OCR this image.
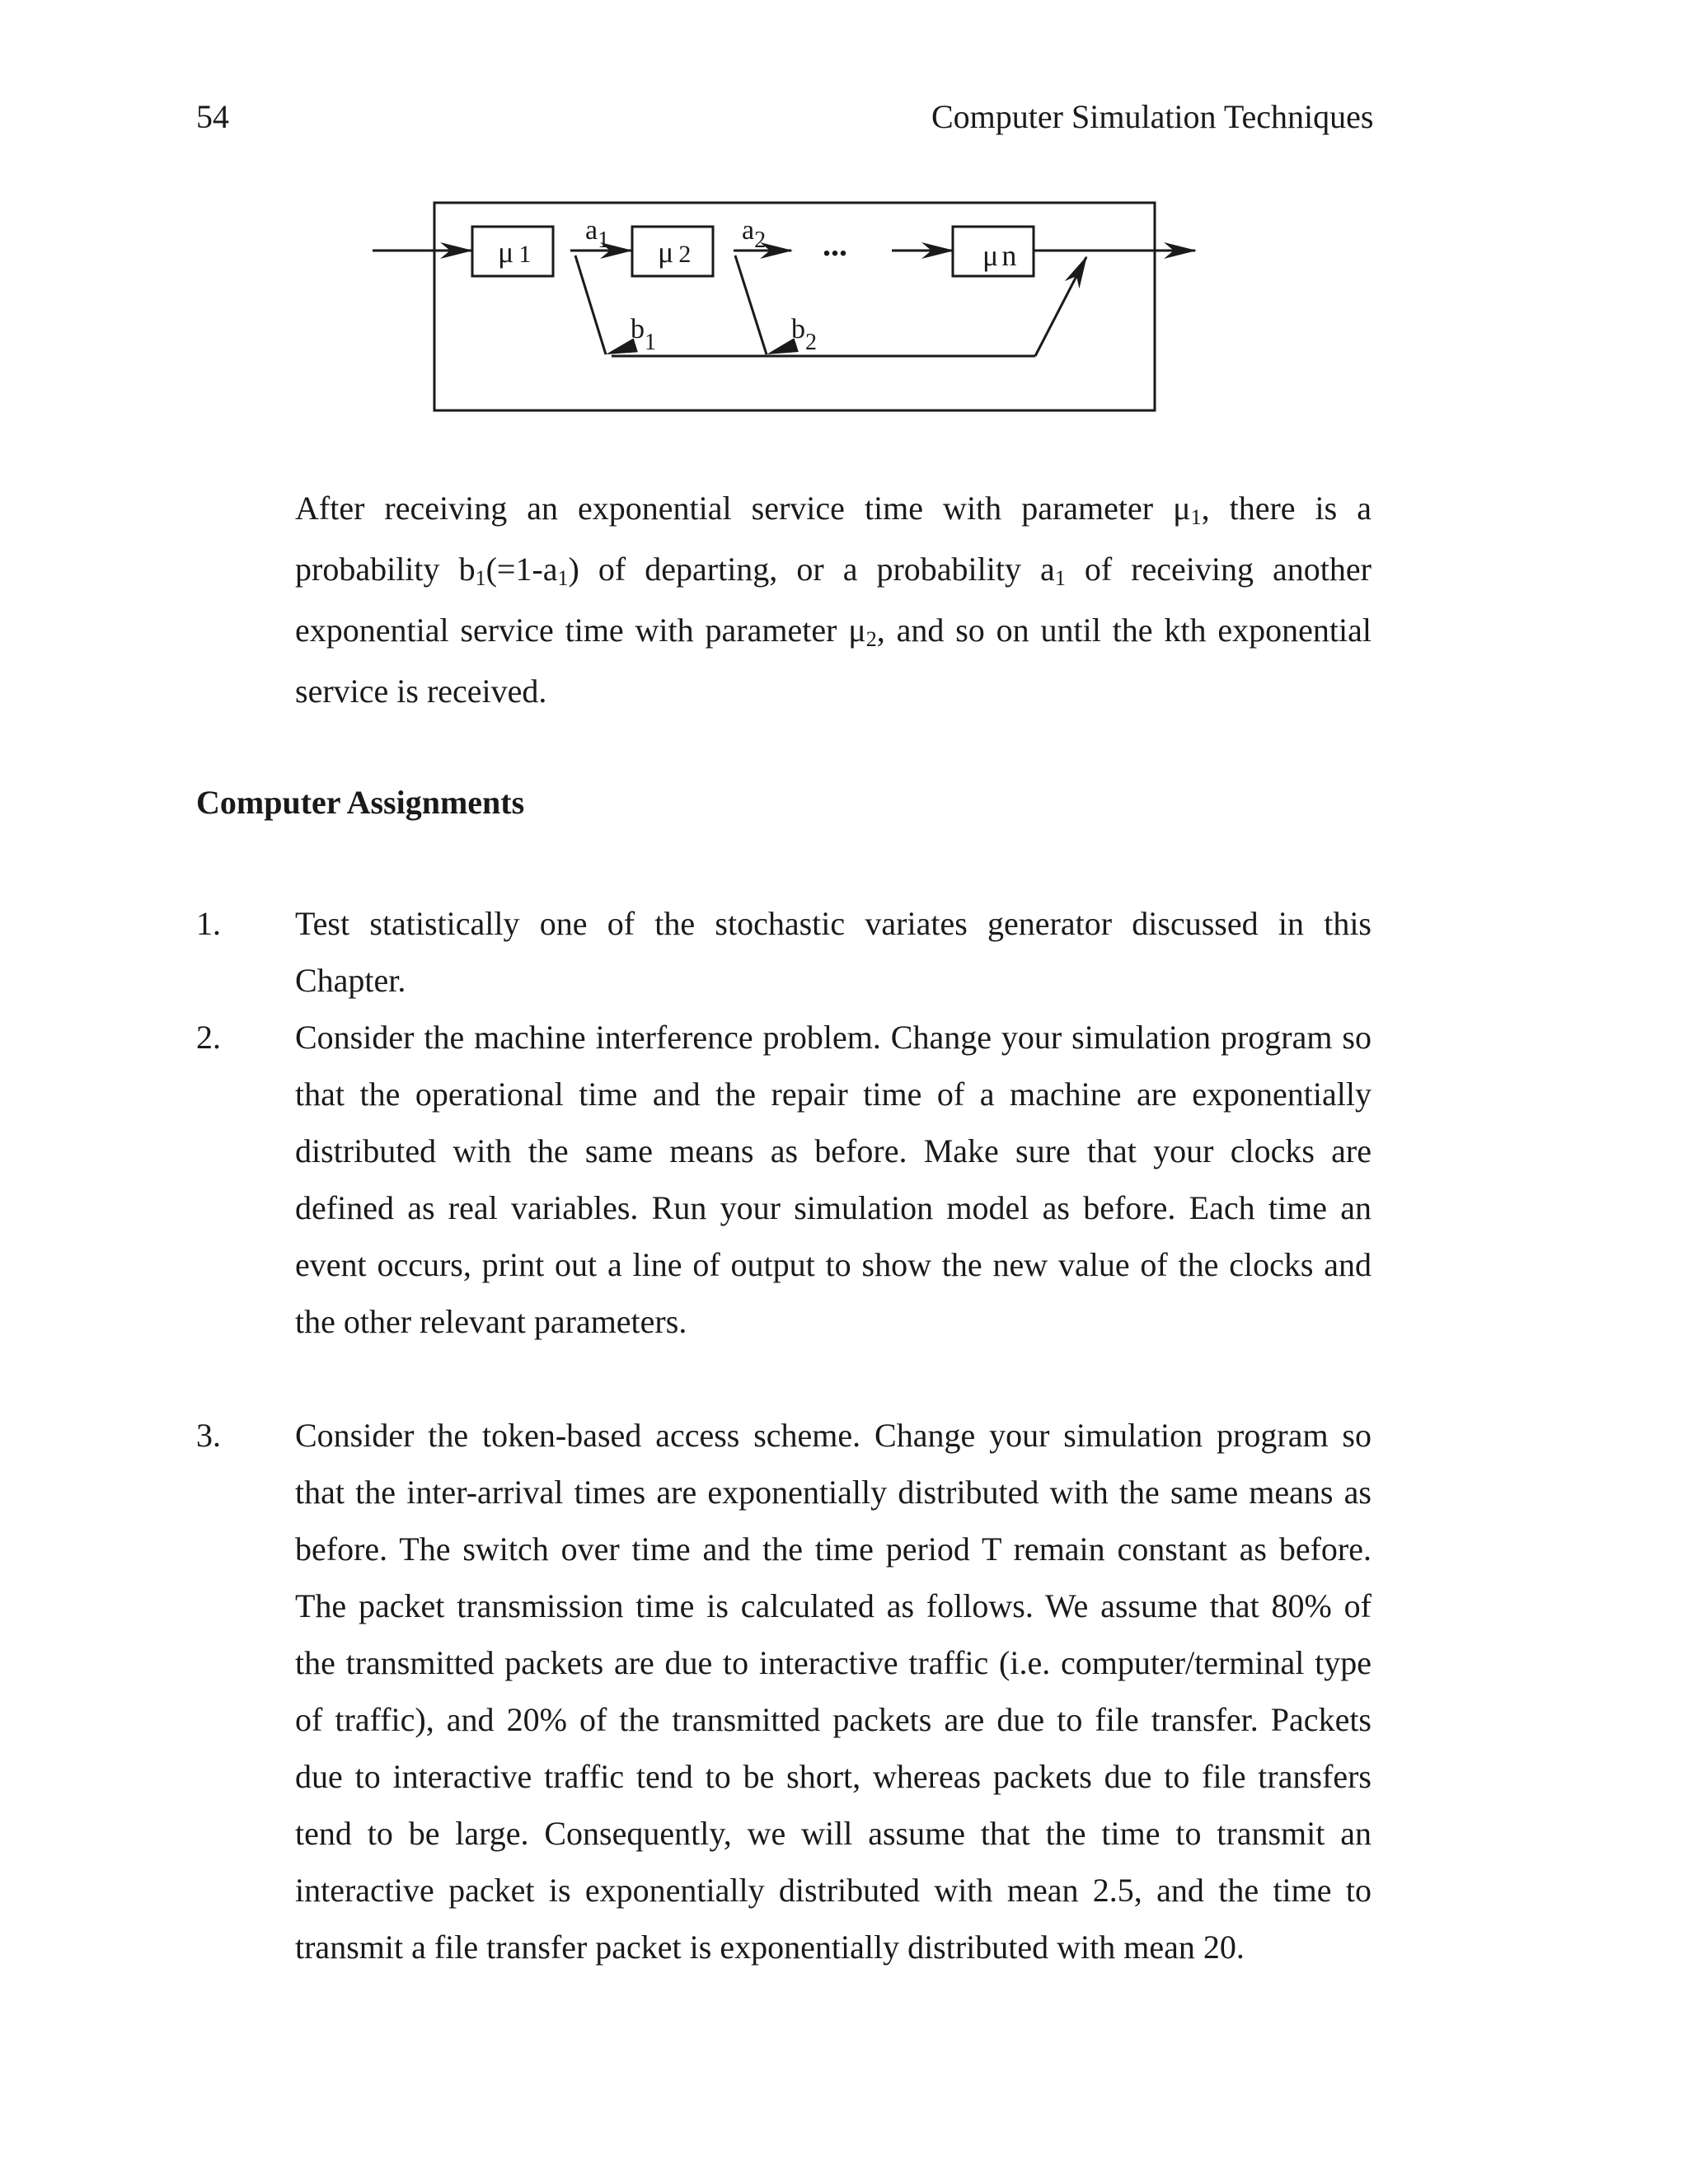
54	Computer Simulation Techniques
μ 1
$a_1$ μ 2
$a_2$ ...	μ n
$b_1$	$b_2$
After receiving an exponential service time with parameter $\mu_1$, there is a probability $b_1(=1-a_1)$ of departing, or a probability $a_1$ of receiving another exponential service time with parameter $\mu_2$, and so on until the kth exponential service is received.
Computer Assignments
1. Test statistically one of the stochastic variates generator discussed in this Chapter.
2. Consider the machine interference problem. Change your simulation program so that the operational time and the repair time of a machine are exponentially distributed with the same means as before. Make sure that your clocks are defined as real variables. Run your simulation model as before. Each time an event occurs, print out a line of output to show the new value of the clocks and the other relevant parameters.
3. Consider the token-based access scheme. Change your simulation program so that the inter-arrival times are exponentially distributed with the same means as before. The switch over time and the time period T remain constant as before. The packet transmission time is calculated as follows. We assume that 80% of the transmitted packets are due to interactive traffic (i.e. computer/terminal type of traffic), and 20% of the transmitted packets are due to file transfer. Packets due to interactive traffic tend to be short, whereas packets due to file transfers tend to be large. Consequently, we will assume that the time to transmit an interactive packet is exponentially distributed with mean 2.5, and the time to transmit a file transfer packet is exponentially distributed with mean 20.
